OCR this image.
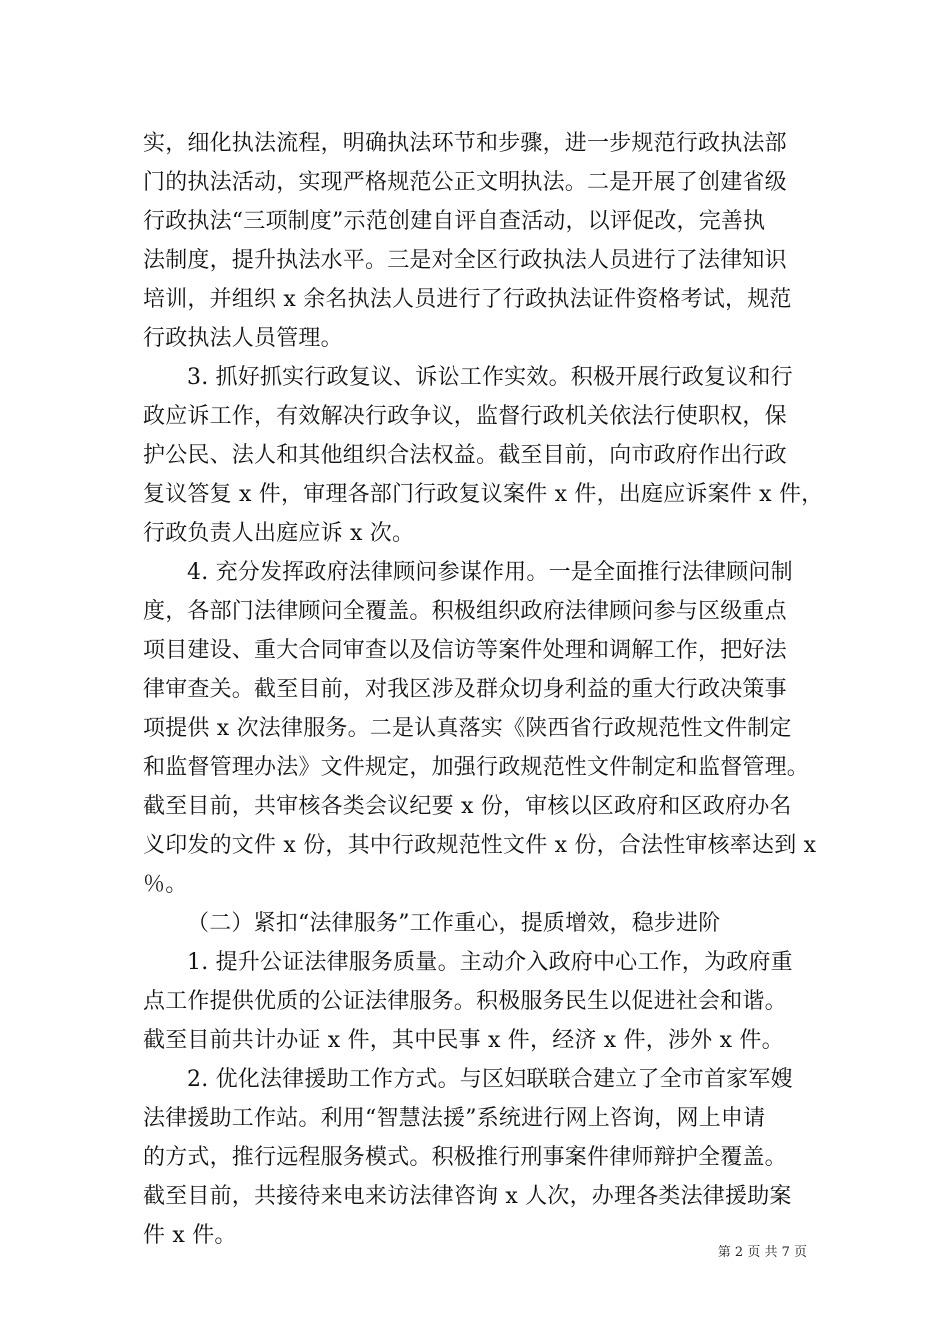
实，细化执法流程，明确执法环节和步骤，进一步规范行政执法部
门的执法活动，实现严格规范公正文明执法。二是开展了创建省级
行政执法“三项制度”示范创建自评自查活动，以评促改，完善执
法制度，提升执法水平。三是对全区行政执法人员进行了法律知识
培训，并组织 x 余名执法人员进行了行政执法证件资格考试，规范
行政执法人员管理。
3. 抓好抓实行政复议、诉讼工作实效。积极开展行政复议和行
政应诉工作，有效解决行政争议，监督行政机关依法行使职权，保
护公民、法人和其他组织合法权益。截至目前，向市政府作出行政
复议答复 x 件，审理各部门行政复议案件 x 件，出庭应诉案件 x 件，
行政负责人出庭应诉 x 次。
4. 充分发挥政府法律顾问参谋作用。一是全面推行法律顾问制
度，各部门法律顾问全覆盖。积极组织政府法律顾问参与区级重点
项目建设、重大合同审查以及信访等案件处理和调解工作，把好法
律审查关。截至目前，对我区涉及群众切身利益的重大行政决策事
项提供 x 次法律服务。二是认真落实《陕西省行政规范性文件制定
和监督管理办法》文件规定，加强行政规范性文件制定和监督管理。
截至目前，共审核各类会议纪要 x 份，审核以区政府和区政府办名
义印发的文件 x 份，其中行政规范性文件 x 份，合法性审核率达到 x
％。
（二）紧扣“法律服务”工作重心，提质增效，稳步进阶
1. 提升公证法律服务质量。主动介入政府中心工作，为政府重
点工作提供优质的公证法律服务。积极服务民生以促进社会和谐。
截至目前共计办证 x 件，其中民事 x 件，经济 x 件，涉外 x 件。
2. 优化法律援助工作方式。与区妇联联合建立了全市首家军嫂
法律援助工作站。利用“智慧法援”系统进行网上咨询，网上申请
的方式，推行远程服务模式。积极推行刑事案件律师辩护全覆盖。
截至目前，共接待来电来访法律咨询 x 人次，办理各类法律援助案
件 x 件。
第 2 页 共 7 页
